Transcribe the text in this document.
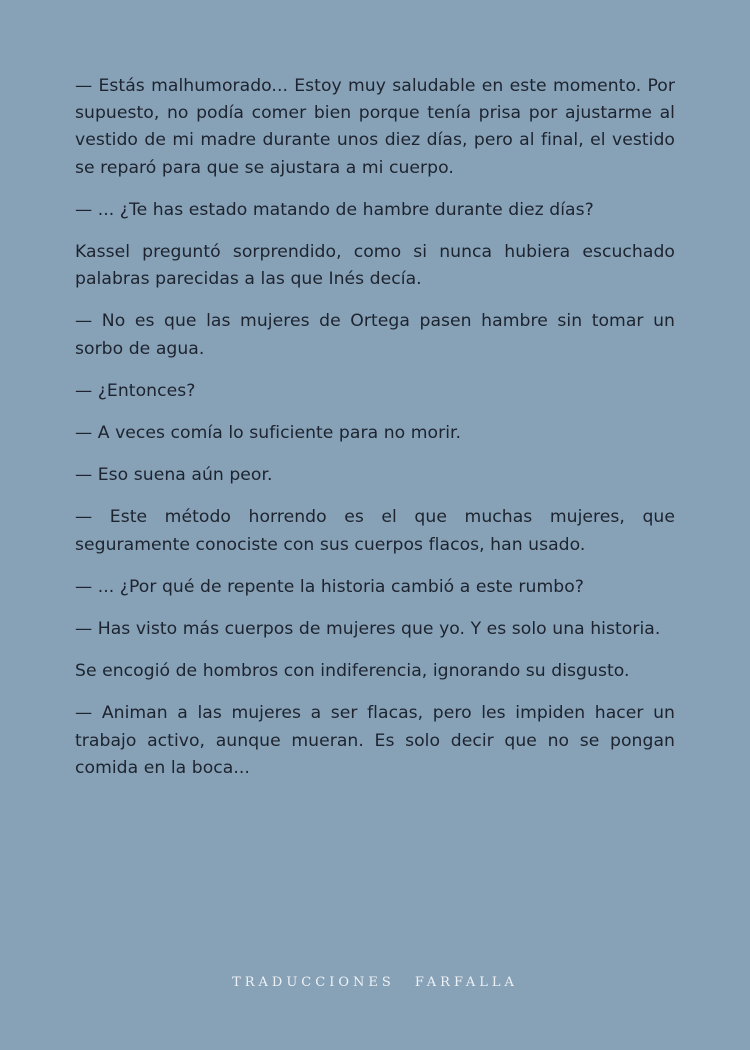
— Estás malhumorado... Estoy muy saludable en este momento. Por supuesto, no podía comer bien porque tenía prisa por ajustarme al vestido de mi madre durante unos diez días, pero al final, el vestido se reparó para que se ajustara a mi cuerpo.

— ... ¿Te has estado matando de hambre durante diez días?

Kassel preguntó sorprendido, como si nunca hubiera escuchado palabras parecidas a las que Inés decía.

— No es que las mujeres de Ortega pasen hambre sin tomar un sorbo de agua.

— ¿Entonces?

— A veces comía lo suficiente para no morir.

— Eso suena aún peor.

— Este método horrendo es el que muchas mujeres, que seguramente conociste con sus cuerpos flacos, han usado.

— ... ¿Por qué de repente la historia cambió a este rumbo?

— Has visto más cuerpos de mujeres que yo. Y es solo una historia.

Se encogió de hombros con indiferencia, ignorando su disgusto.

— Animan a las mujeres a ser flacas, pero les impiden hacer un trabajo activo, aunque mueran. Es solo decir que no se pongan comida en la boca...

TRADUCCIONES FARFALLA
